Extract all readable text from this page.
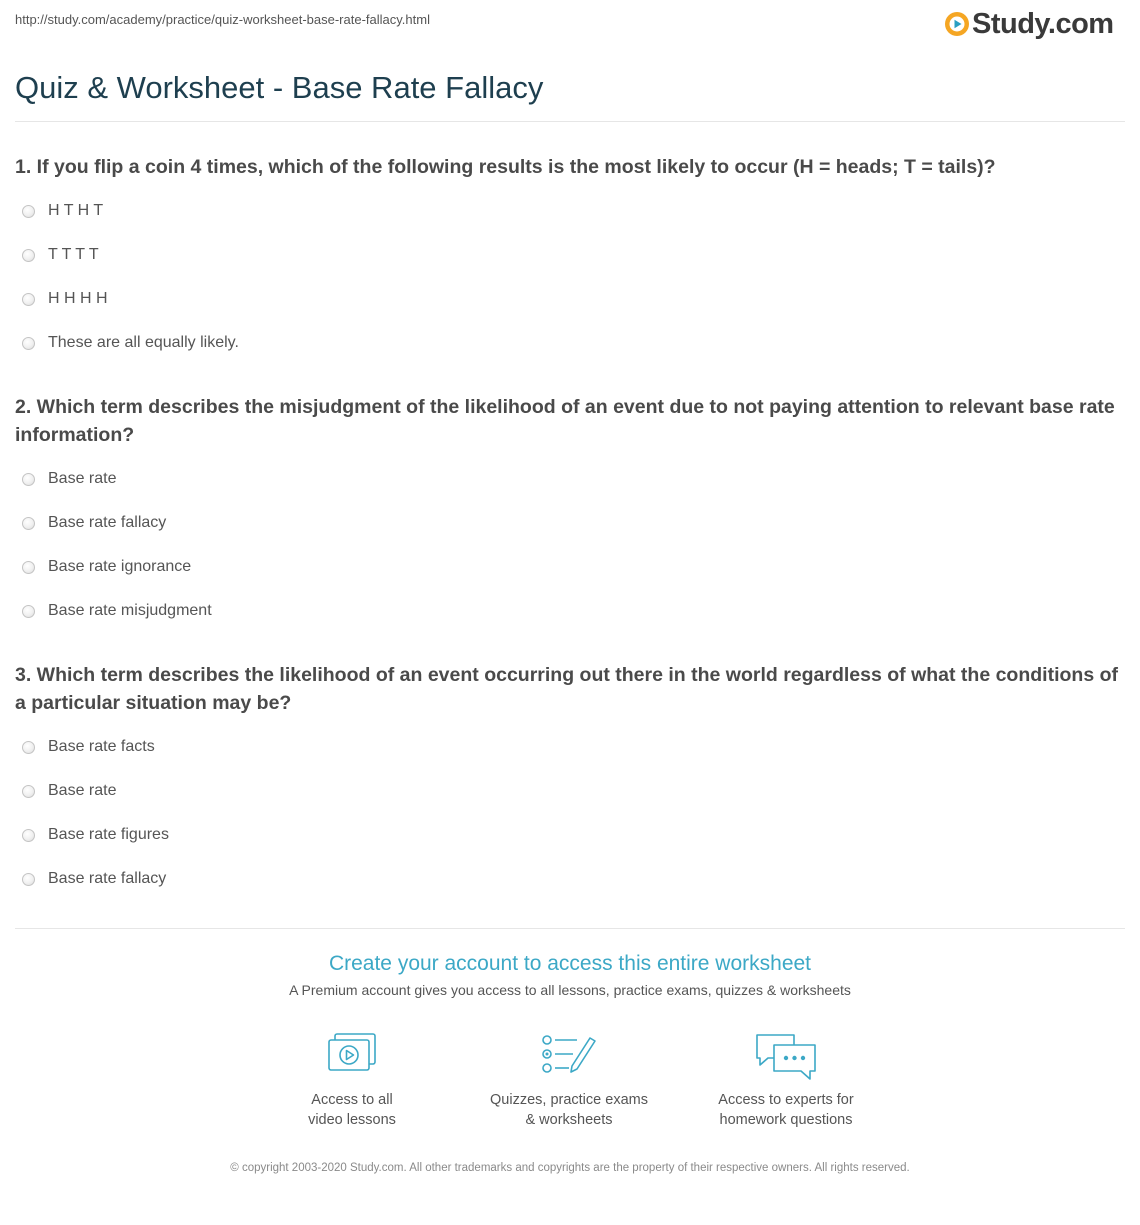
http://study.com/academy/practice/quiz-worksheet-base-rate-fallacy.html	Study.com
Quiz & Worksheet - Base Rate Fallacy
1. If you flip a coin 4 times, which of the following results is the most likely to occur (H = heads; T = tails)?
H T H T
T T T T
H H H H
These are all equally likely.
2. Which term describes the misjudgment of the likelihood of an event due to not paying attention to relevant base rate information?
Base rate
Base rate fallacy
Base rate ignorance
Base rate misjudgment
3. Which term describes the likelihood of an event occurring out there in the world regardless of what the conditions of a particular situation may be?
Base rate facts
Base rate
Base rate figures
Base rate fallacy
Create your account to access this entire worksheet
A Premium account gives you access to all lessons, practice exams, quizzes & worksheets
Access to all
video lessons
Quizzes, practice exams
& worksheets
Access to experts for
homework questions
© copyright 2003-2020 Study.com. All other trademarks and copyrights are the property of their respective owners. All rights reserved.
